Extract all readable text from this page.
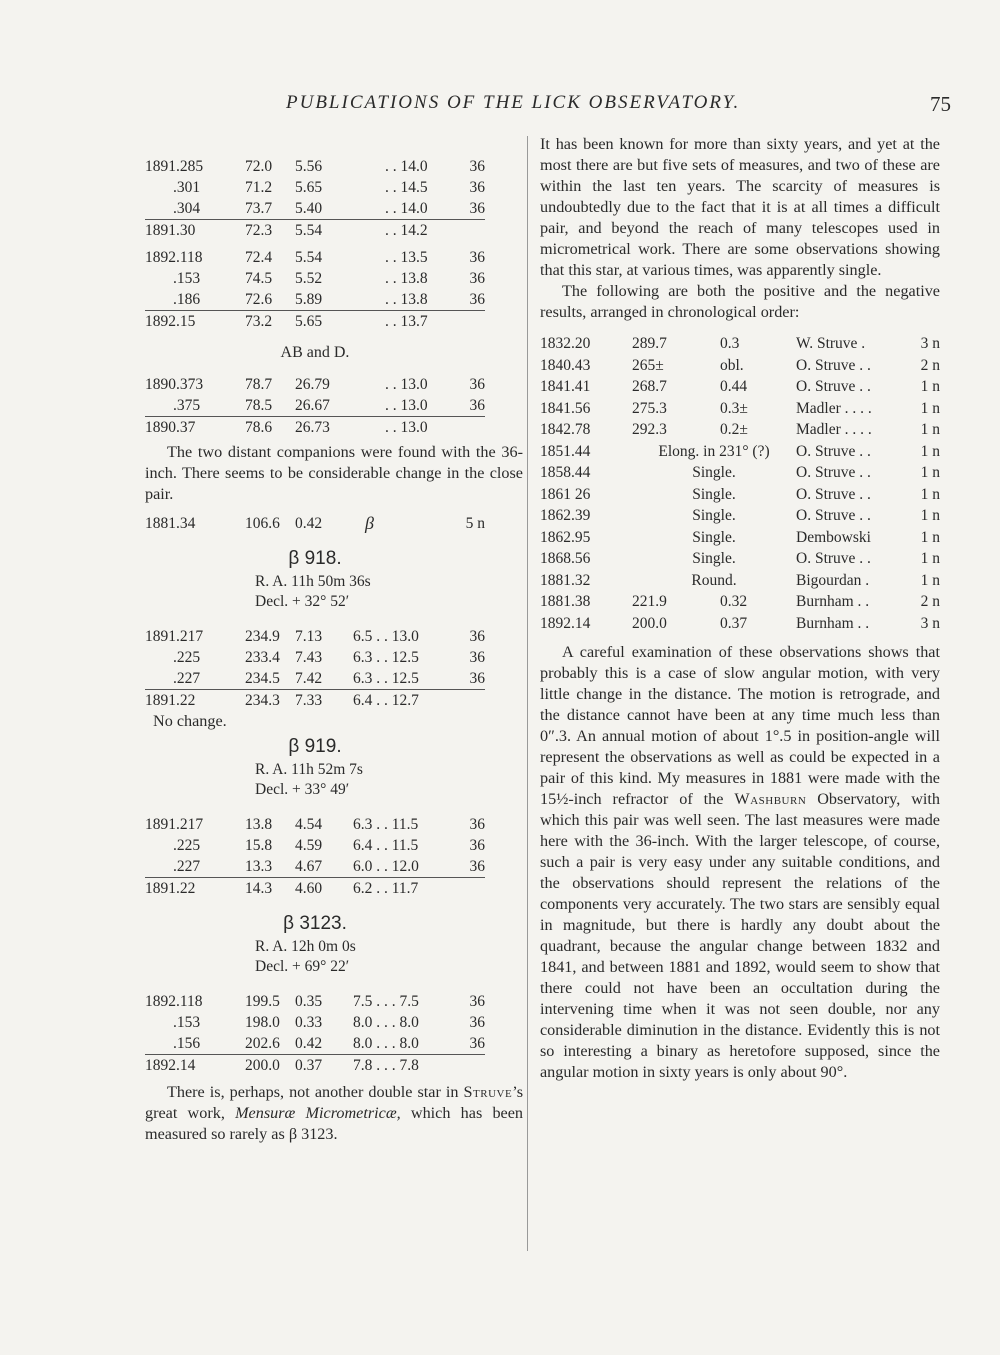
PUBLICATIONS OF THE LICK OBSERVATORY.	75
1891.285	72.0	5.56	. . 14.0	36
.301	71.2	5.65	. . 14.5	36
.304	73.7	5.40	. . 14.0	36
1891.30	72.3	5.54	. . 14.2	
1892.118	72.4	5.54	. . 13.5	36
.153	74.5	5.52	. . 13.8	36
.186	72.6	5.89	. . 13.8	36
1892.15	73.2	5.65	. . 13.7	
AB and D.
1890.373	78.7	26.79	. . 13.0	36
.375	78.5	26.67	. . 13.0	36
1890.37	78.6	26.73	. . 13.0	

The two distant companions were found with the 36-inch. There seems to be considerable change in the close pair.

1881.34	106.6	0.42	β	5 n
β 918.
R. A. 11h 50m 36s
Decl. + 32° 52′
1891.217	234.9	7.13	6.5 . . 13.0	36
.225	233.4	7.43	6.3 . . 12.5	36
.227	234.5	7.42	6.3 . . 12.5	36
1891.22	234.3	7.33	6.4 . . 12.7	
No change.
β 919.
R. A. 11h 52m 7s
Decl. + 33° 49′
1891.217	13.8	4.54	6.3 . . 11.5	36
.225	15.8	4.59	6.4 . . 11.5	36
.227	13.3	4.67	6.0 . . 12.0	36
1891.22	14.3	4.60	6.2 . . 11.7	
β 3123.
R. A. 12h 0m 0s
Decl. + 69° 22′
1892.118	199.5	0.35	7.5 . . . 7.5	36
.153	198.0	0.33	8.0 . . . 8.0	36
.156	202.6	0.42	8.0 . . . 8.0	36
1892.14	200.0	0.37	7.8 . . . 7.8	

There is, perhaps, not another double star in Struve’s great work, Mensuræ Micrometricæ, which has been measured so rarely as β 3123.

It has been known for more than sixty years, and yet at the most there are but five sets of measures, and two of these are within the last ten years. The scarcity of measures is undoubtedly due to the fact that it is at all times a difficult pair, and beyond the reach of many telescopes used in micrometrical work. There are some observations showing that this star, at various times, was apparently single.

The following are both the positive and the negative results, arranged in chronological order:

1832.20	289.7	0.3	W. Struve .	3 n
1840.43	265±	obl.	O. Struve . .	2 n
1841.41	268.7	0.44	O. Struve . .	1 n
1841.56	275.3	0.3±	Madler . . . .	1 n
1842.78	292.3	0.2±	Madler . . . .	1 n
1851.44	Elong. in 231° (?)		O. Struve . .	1 n
1858.44	Single.		O. Struve . .	1 n
1861 26	Single.		O. Struve . .	1 n
1862.39	Single.		O. Struve . .	1 n
1862.95	Single.		Dembowski	1 n
1868.56	Single.		O. Struve . .	1 n
1881.32	Round.		Bigourdan .	1 n
1881.38	221.9	0.32	Burnham . .	2 n
1892.14	200.0	0.37	Burnham . .	3 n

A careful examination of these observations shows that probably this is a case of slow angular motion, with very little change in the distance. The motion is retrograde, and the distance cannot have been at any time much less than 0″.3. An annual motion of about 1°.5 in position-angle will represent the observations as well as could be expected in a pair of this kind. My measures in 1881 were made with the 15½-inch refractor of the Washburn Observatory, with which this pair was well seen. The last measures were made here with the 36-inch. With the larger telescope, of course, such a pair is very easy under any suitable conditions, and the observations should represent the relations of the components very accurately. The two stars are sensibly equal in magnitude, but there is hardly any doubt about the quadrant, because the angular change between 1832 and 1841, and between 1881 and 1892, would seem to show that there could not have been an occultation during the intervening time when it was not seen double, nor any considerable diminution in the distance. Evidently this is not so interesting a binary as heretofore supposed, since the angular motion in sixty years is only about 90°.
